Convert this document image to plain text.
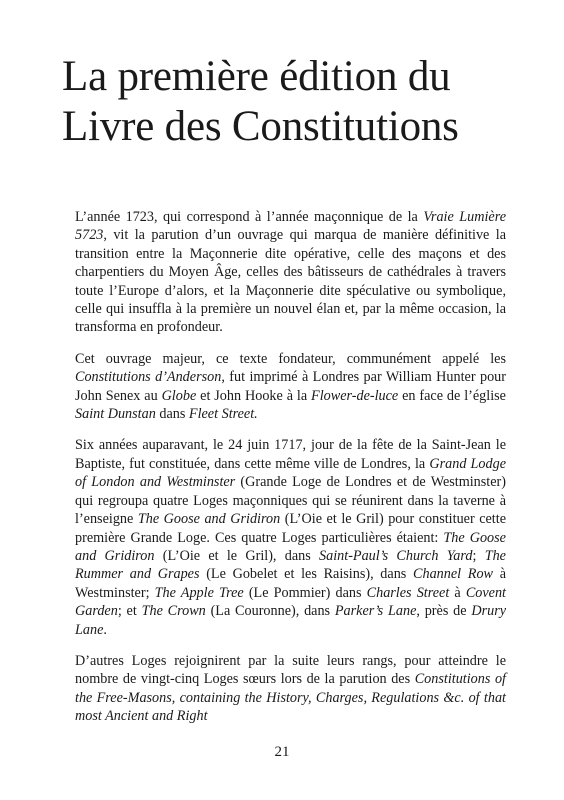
La première édition du
Livre des Constitutions

L’année 1723, qui correspond à l’année maçonnique de la Vraie Lumière 5723, vit la parution d’un ouvrage qui marqua de manière définitive la transition entre la Maçonnerie dite opérative, celle des maçons et des charpentiers du Moyen Âge, celles des bâtisseurs de cathédrales à travers toute l’Europe d’alors, et la Maçonnerie dite spéculative ou symbolique, celle qui insuffla à la première un nouvel élan et, par la même occasion, la transforma en profondeur.

Cet ouvrage majeur, ce texte fondateur, communément appelé les Constitutions d’Anderson, fut imprimé à Londres par William Hunter pour John Senex au Globe et John Hooke à la Flower-de-luce en face de l’église Saint Dunstan dans Fleet Street.

Six années auparavant, le 24 juin 1717, jour de la fête de la Saint-Jean le Baptiste, fut constituée, dans cette même ville de Londres, la Grand Lodge of London and Westminster (Grande Loge de Londres et de Westminster) qui regroupa quatre Loges maçonniques qui se réunirent dans la taverne à l’enseigne The Goose and Gridiron (L’Oie et le Gril) pour constituer cette première Grande Loge. Ces quatre Loges particulières étaient: The Goose and Gridiron (L’Oie et le Gril), dans Saint-Paul’s Church Yard; The Rummer and Grapes (Le Gobelet et les Raisins), dans Channel Row à Westminster; The Apple Tree (Le Pommier) dans Charles Street à Covent Garden; et The Crown (La Couronne), dans Parker’s Lane, près de Drury Lane.

D’autres Loges rejoignirent par la suite leurs rangs, pour atteindre le nombre de vingt-cinq Loges sœurs lors de la parution des Constitutions of the Free-Masons, containing the History, Charges, Regulations &c. of that most Ancient and Right

21
